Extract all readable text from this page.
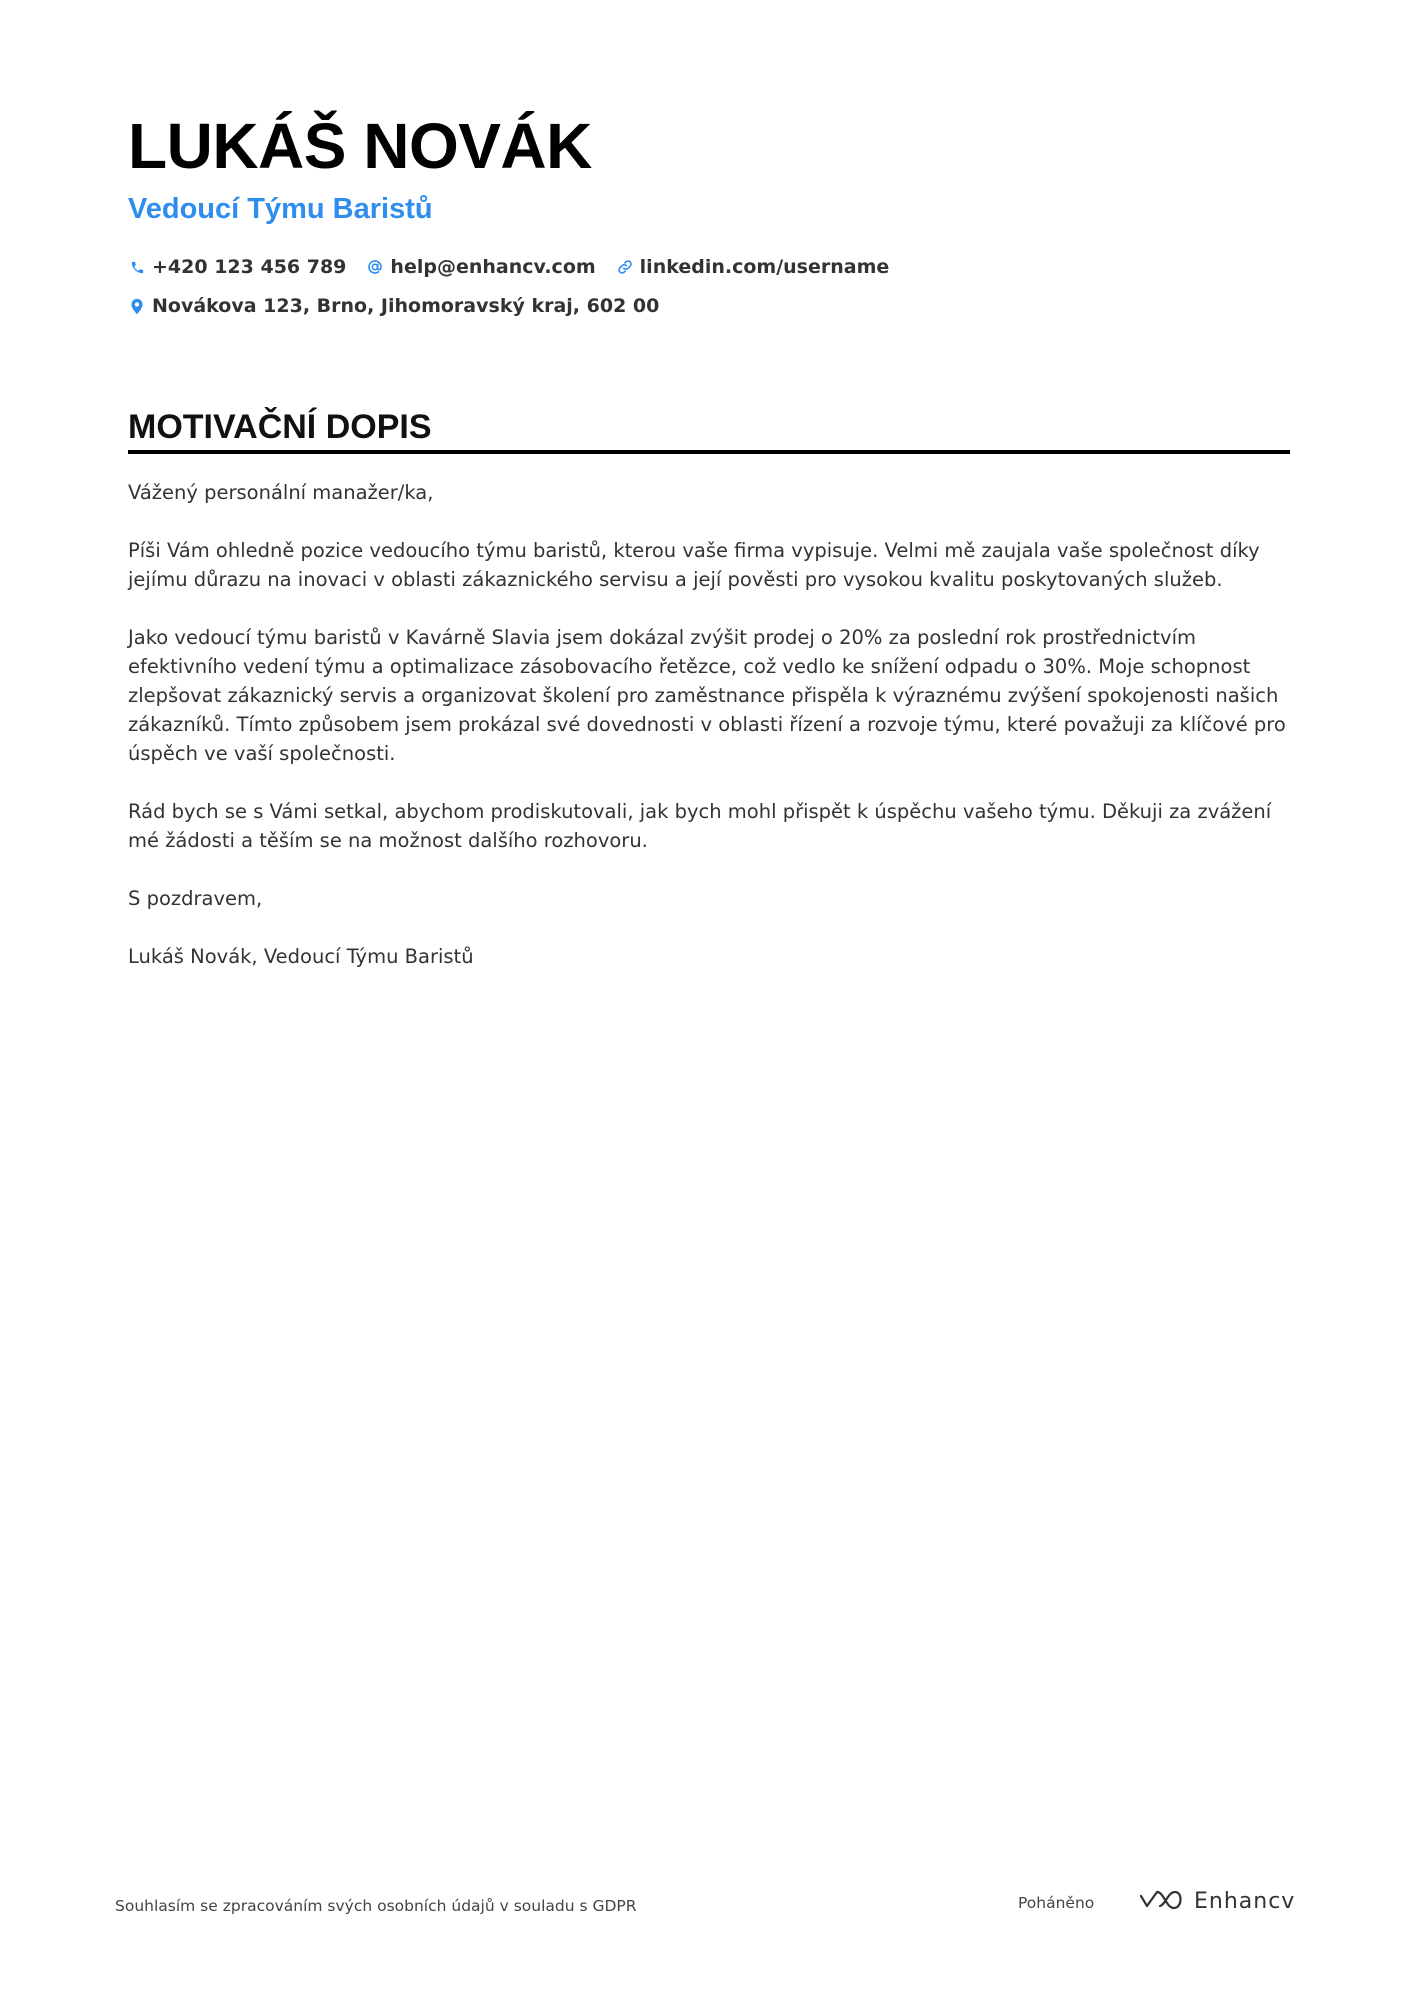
LUKÁŠ NOVÁK
Vedoucí Týmu Baristů
+420 123 456 789 help@enhancv.com linkedin.com/username
Novákova 123, Brno, Jihomoravský kraj, 602 00
MOTIVAČNÍ DOPIS

Vážený personální manažer/ka,

Píši Vám ohledně pozice vedoucího týmu baristů, kterou vaše firma vypisuje. Velmi mě zaujala vaše společnost díky jejímu důrazu na inovaci v oblasti zákaznického servisu a její pověsti pro vysokou kvalitu poskytovaných služeb.

Jako vedoucí týmu baristů v Kavárně Slavia jsem dokázal zvýšit prodej o 20% za poslední rok prostřednictvím efektivního vedení týmu a optimalizace zásobovacího řetězce, což vedlo ke snížení odpadu o 30%. Moje schopnost zlepšovat zákaznický servis a organizovat školení pro zaměstnance přispěla k výraznému zvýšení spokojenosti našich zákazníků. Tímto způsobem jsem prokázal své dovednosti v oblasti řízení a rozvoje týmu, které považuji za klíčové pro úspěch ve vaší společnosti.

Rád bych se s Vámi setkal, abychom prodiskutovali, jak bych mohl přispět k úspěchu vašeho týmu. Děkuji za zvážení mé žádosti a těším se na možnost dalšího rozhovoru.

S pozdravem,

Lukáš Novák, Vedoucí Týmu Baristů

Souhlasím se zpracováním svých osobních údajů v souladu s GDPR	Poháněno	Enhancv
